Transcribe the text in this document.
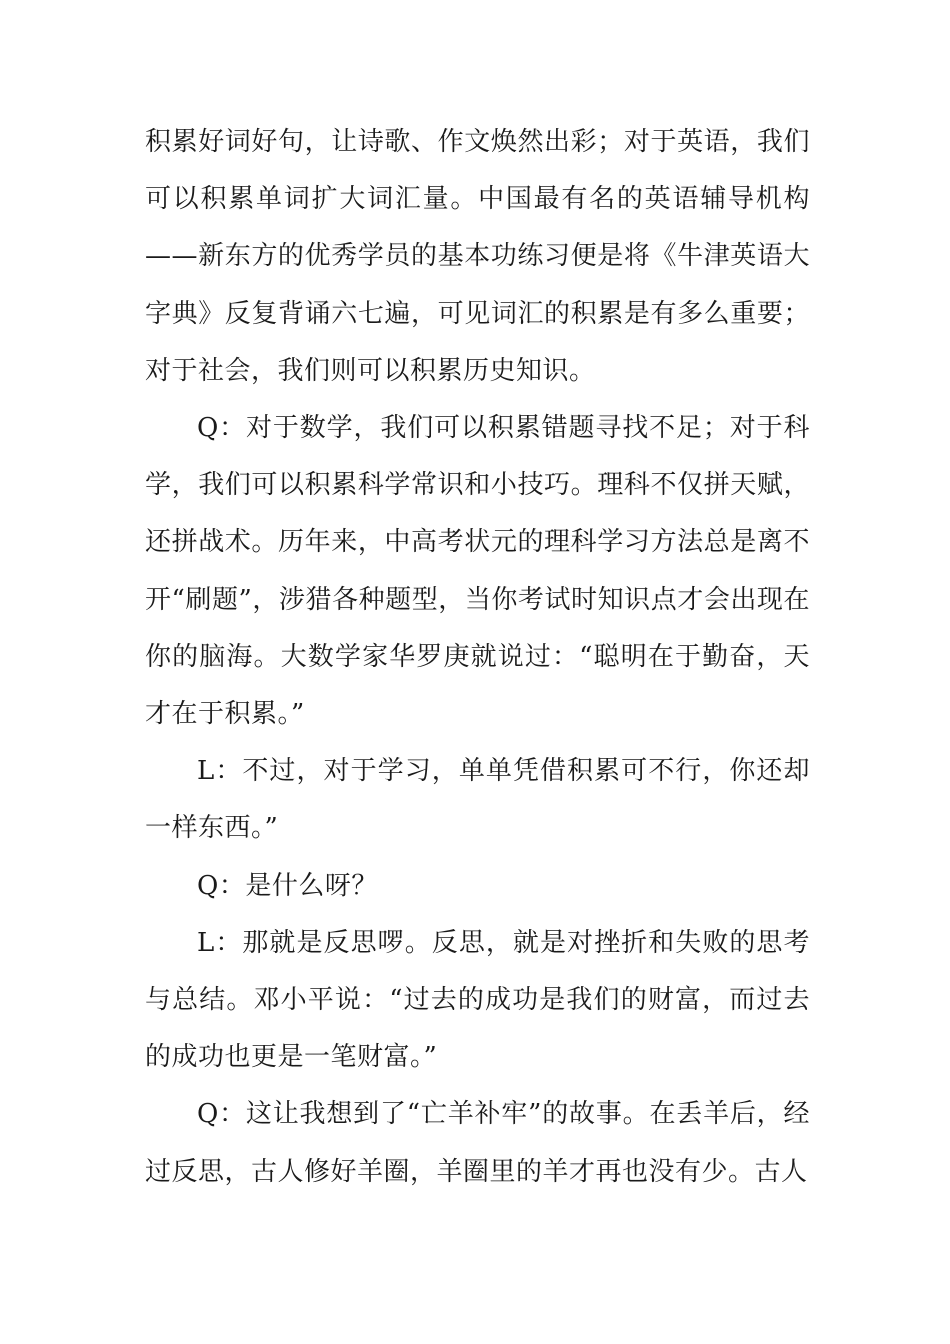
积累好词好句，让诗歌、作文焕然出彩；对于英语，我们可以积累单词扩大词汇量。中国最有名的英语辅导机构——新东方的优秀学员的基本功练习便是将《牛津英语大字典》反复背诵六七遍，可见词汇的积累是有多么重要；对于社会，我们则可以积累历史知识。

Q：对于数学，我们可以积累错题寻找不足；对于科学，我们可以积累科学常识和小技巧。理科不仅拼天赋，还拼战术。历年来，中高考状元的理科学习方法总是离不开“刷题”，涉猎各种题型，当你考试时知识点才会出现在你的脑海。大数学家华罗庚就说过：“聪明在于勤奋，天才在于积累。”

L：不过，对于学习，单单凭借积累可不行，你还却一样东西。”

Q：是什么呀？

L：那就是反思啰。反思，就是对挫折和失败的思考与总结。邓小平说：“过去的成功是我们的财富，而过去的成功也更是一笔财富。”

Q：这让我想到了“亡羊补牢”的故事。在丢羊后，经过反思，古人修好羊圈，羊圈里的羊才再也没有少。古人
